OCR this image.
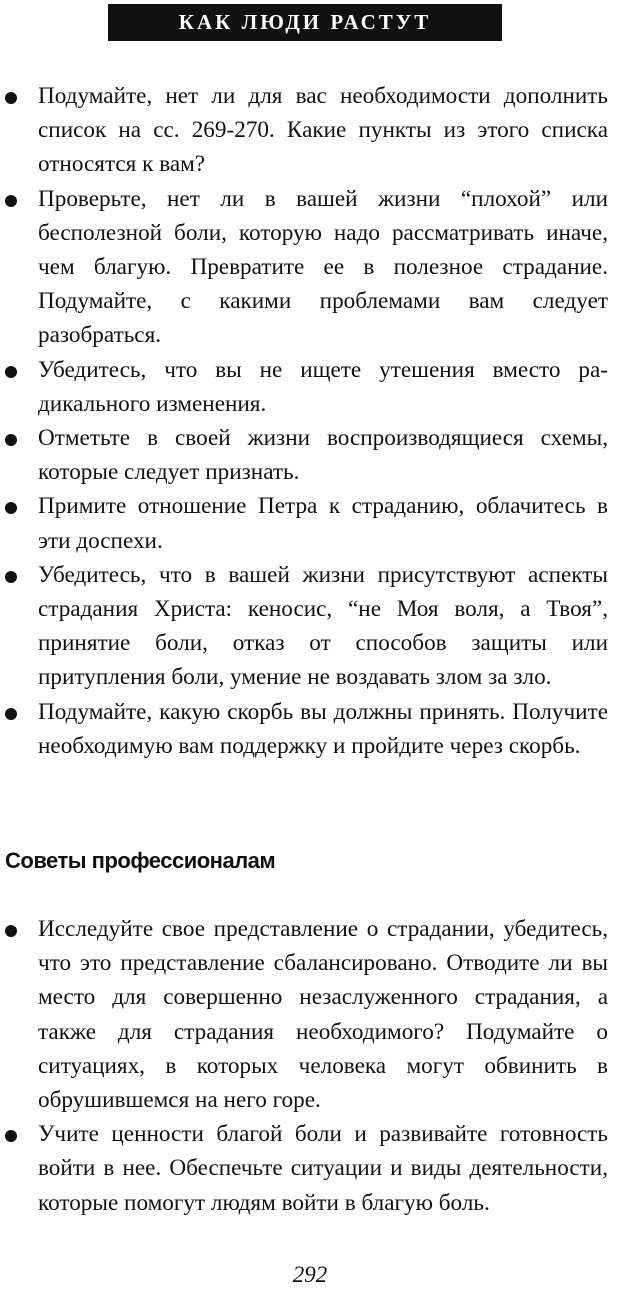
КАК ЛЮДИ РАСТУТ
Подумайте, нет ли для вас необходимости дополнить список на сс. 269-270. Какие пункты из этого списка относятся к вам?
Проверьте, нет ли в вашей жизни “плохой” или бесполезной боли, которую надо рассматривать иначе, чем благую. Превратите ее в полезное страдание. Подумайте, с какими проблемами вам следует разобраться.
Убедитесь, что вы не ищете утешения вместо радикального изменения.
Отметьте в своей жизни воспроизводящиеся схемы, которые следует признать.
Примите отношение Петра к страданию, облачитесь в эти доспехи.
Убедитесь, что в вашей жизни присутствуют аспекты страдания Христа: кеносис, “не Моя воля, а Твоя”, принятие боли, отказ от способов защиты или притупления боли, умение не воздавать злом за зло.
Подумайте, какую скорбь вы должны принять. Получите необходимую вам поддержку и пройдите через скорбь.
Советы профессионалам
Исследуйте свое представление о страдании, убедитесь, что это представление сбалансировано. Отводите ли вы место для совершенно незаслуженного страдания, а также для страдания необходимого? Подумайте о ситуациях, в которых человека могут обвинить в обрушившемся на него горе.
Учите ценности благой боли и развивайте готовность войти в нее. Обеспечьте ситуации и виды деятельности, которые помогут людям войти в благую боль.
292
